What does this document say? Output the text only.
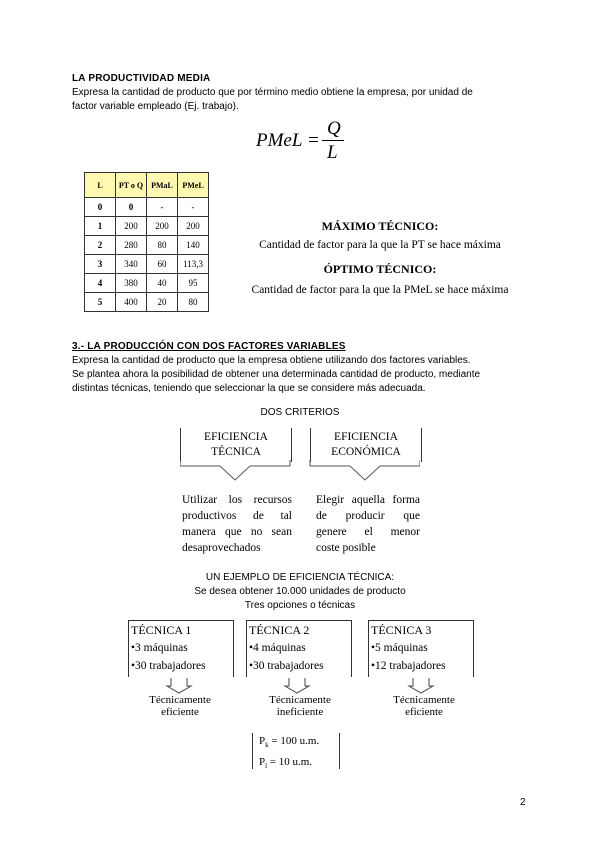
LA PRODUCTIVIDAD MEDIA
Expresa la cantidad de producto que por término medio obtiene la empresa, por unidad de
factor variable empleado (Ej. trabajo).
PMeL =
Q
L
L	PT o Q	PMaL	PMeL
0	0	-	-
1	200	200	200
2	280	80	140
3	340	60	113,3
4	380	40	95
5	400	20	80
MÁXIMO TÉCNICO:
Cantidad de factor para la que la PT se hace máxima
ÓPTIMO TÉCNICO:
Cantidad de factor para la que la PMeL se hace máxima
3.- LA PRODUCCIÓN CON DOS FACTORES VARIABLES
Expresa la cantidad de producto que la empresa obtiene utilizando dos factores variables.
Se plantea ahora la posibilidad de obtener una determinada cantidad de producto, mediante
distintas técnicas, teniendo que seleccionar la que se considere más adecuada.
DOS CRITERIOS
EFICIENCIA
TÉCNICA
EFICIENCIA
ECONÓMICA
Utilizar los recursos
productivos de tal
manera que no sean
desaprovechados
Elegir aquella forma
de producir que
genere el menor
coste posible
UN EJEMPLO DE EFICIENCIA TÉCNICA:
Se desea obtener 10.000 unidades de producto
Tres opciones o técnicas
TÉCNICA 1
•3 máquinas
•30 trabajadores
TÉCNICA 2
•4 máquinas
•30 trabajadores
TÉCNICA 3
•5 máquinas
•12 trabajadores
Técnicamente
eficiente
Técnicamente
ineficiente
Técnicamente
eficiente
$P_k = 100$ u.m.
$P_l = 10$ u.m.
2
